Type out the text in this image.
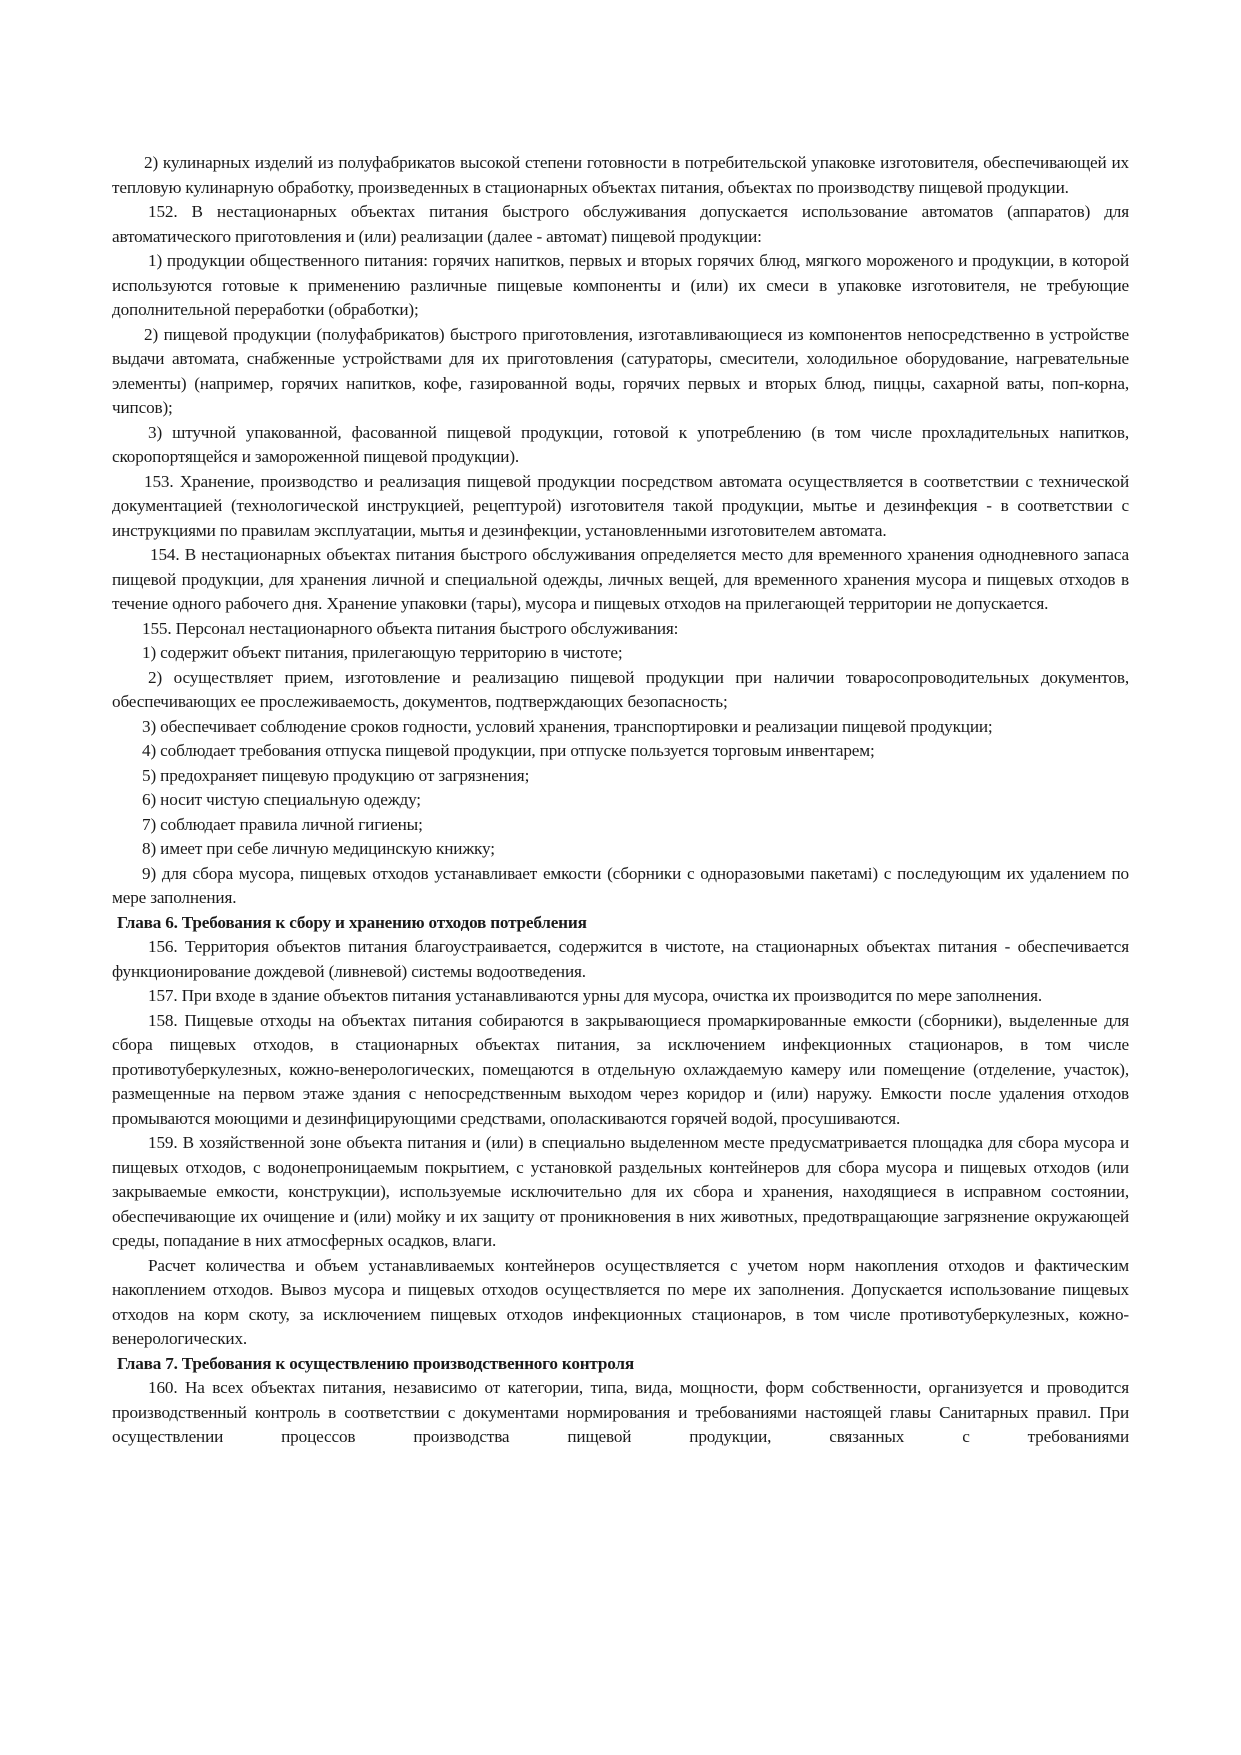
2) кулинарных изделий из полуфабрикатов высокой степени готовности в потребительской упаковке изготовителя, обеспечивающей их тепловую кулинарную обработку, произведенных в стационарных объектах питания, объектах по производству пищевой продукции.

152. В нестационарных объектах питания быстрого обслуживания допускается использование автоматов (аппаратов) для автоматического приготовления и (или) реализации (далее - автомат) пищевой продукции:

1) продукции общественного питания: горячих напитков, первых и вторых горячих блюд, мягкого мороженого и продукции, в которой используются готовые к применению различные пищевые компоненты и (или) их смеси в упаковке изготовителя, не требующие дополнительной переработки (обработки);

2) пищевой продукции (полуфабрикатов) быстрого приготовления, изготавливающиеся из компонентов непосредственно в устройстве выдачи автомата, снабженные устройствами для их приготовления (сатураторы, смесители, холодильное оборудование, нагревательные элементы) (например, горячих напитков, кофе, газированной воды, горячих первых и вторых блюд, пиццы, сахарной ваты, поп-корна, чипсов);

3) штучной упакованной, фасованной пищевой продукции, готовой к употреблению (в том числе прохладительных напитков, скоропортящейся и замороженной пищевой продукции).

153. Хранение, производство и реализация пищевой продукции посредством автомата осуществляется в соответствии с технической документацией (технологической инструкцией, рецептурой) изготовителя такой продукции, мытье и дезинфекция - в соответствии с инструкциями по правилам эксплуатации, мытья и дезинфекции, установленными изготовителем автомата.

154. В нестационарных объектах питания быстрого обслуживания определяется место для временного хранения однодневного запаса пищевой продукции, для хранения личной и специальной одежды, личных вещей, для временного хранения мусора и пищевых отходов в течение одного рабочего дня. Хранение упаковки (тары), мусора и пищевых отходов на прилегающей территории не допускается.

155. Персонал нестационарного объекта питания быстрого обслуживания:

1) содержит объект питания, прилегающую территорию в чистоте;

2) осуществляет прием, изготовление и реализацию пищевой продукции при наличии товаросопроводительных документов, обеспечивающих ее прослеживаемость, документов, подтверждающих безопасность;

3) обеспечивает соблюдение сроков годности, условий хранения, транспортировки и реализации пищевой продукции;

4) соблюдает требования отпуска пищевой продукции, при отпуске пользуется торговым инвентарем;

5) предохраняет пищевую продукцию от загрязнения;

6) носит чистую специальную одежду;

7) соблюдает правила личной гигиены;

8) имеет при себе личную медицинскую книжку;

9) для сбора мусора, пищевых отходов устанавливает емкости (сборники с одноразовыми пакетамі) с последующим их удалением по мере заполнения.

Глава 6. Требования к сбору и хранению отходов потребления

156. Территория объектов питания благоустраивается, содержится в чистоте, на стационарных объектах питания - обеспечивается функционирование дождевой (ливневой) системы водоотведения.

157. При входе в здание объектов питания устанавливаются урны для мусора, очистка их производится по мере заполнения.

158. Пищевые отходы на объектах питания собираются в закрывающиеся промаркированные емкости (сборники), выделенные для сбора пищевых отходов, в стационарных объектах питания, за исключением инфекционных стационаров, в том числе противотуберкулезных, кожно-венерологических, помещаются в отдельную охлаждаемую камеру или помещение (отделение, участок), размещенные на первом этаже здания с непосредственным выходом через коридор и (или) наружу. Емкости после удаления отходов промываются моющими и дезинфицирующими средствами, ополаскиваются горячей водой, просушиваются.

159. В хозяйственной зоне объекта питания и (или) в специально выделенном месте предусматривается площадка для сбора мусора и пищевых отходов, с водонепроницаемым покрытием, с установкой раздельных контейнеров для сбора мусора и пищевых отходов (или закрываемые емкости, конструкции), используемые исключительно для их сбора и хранения, находящиеся в исправном состоянии, обеспечивающие их очищение и (или) мойку и их защиту от проникновения в них животных, предотвращающие загрязнение окружающей среды, попадание в них атмосферных осадков, влаги.

Расчет количества и объем устанавливаемых контейнеров осуществляется с учетом норм накопления отходов и фактическим накоплением отходов. Вывоз мусора и пищевых отходов осуществляется по мере их заполнения. Допускается использование пищевых отходов на корм скоту, за исключением пищевых отходов инфекционных стационаров, в том числе противотуберкулезных, кожно-венерологических.

Глава 7. Требования к осуществлению производственного контроля

160. На всех объектах питания, независимо от категории, типа, вида, мощности, форм собственности, организуется и проводится производственный контроль в соответствии с документами нормирования и требованиями настоящей главы Санитарных правил. При осуществлении процессов производства пищевой продукции, связанных с требованиями
